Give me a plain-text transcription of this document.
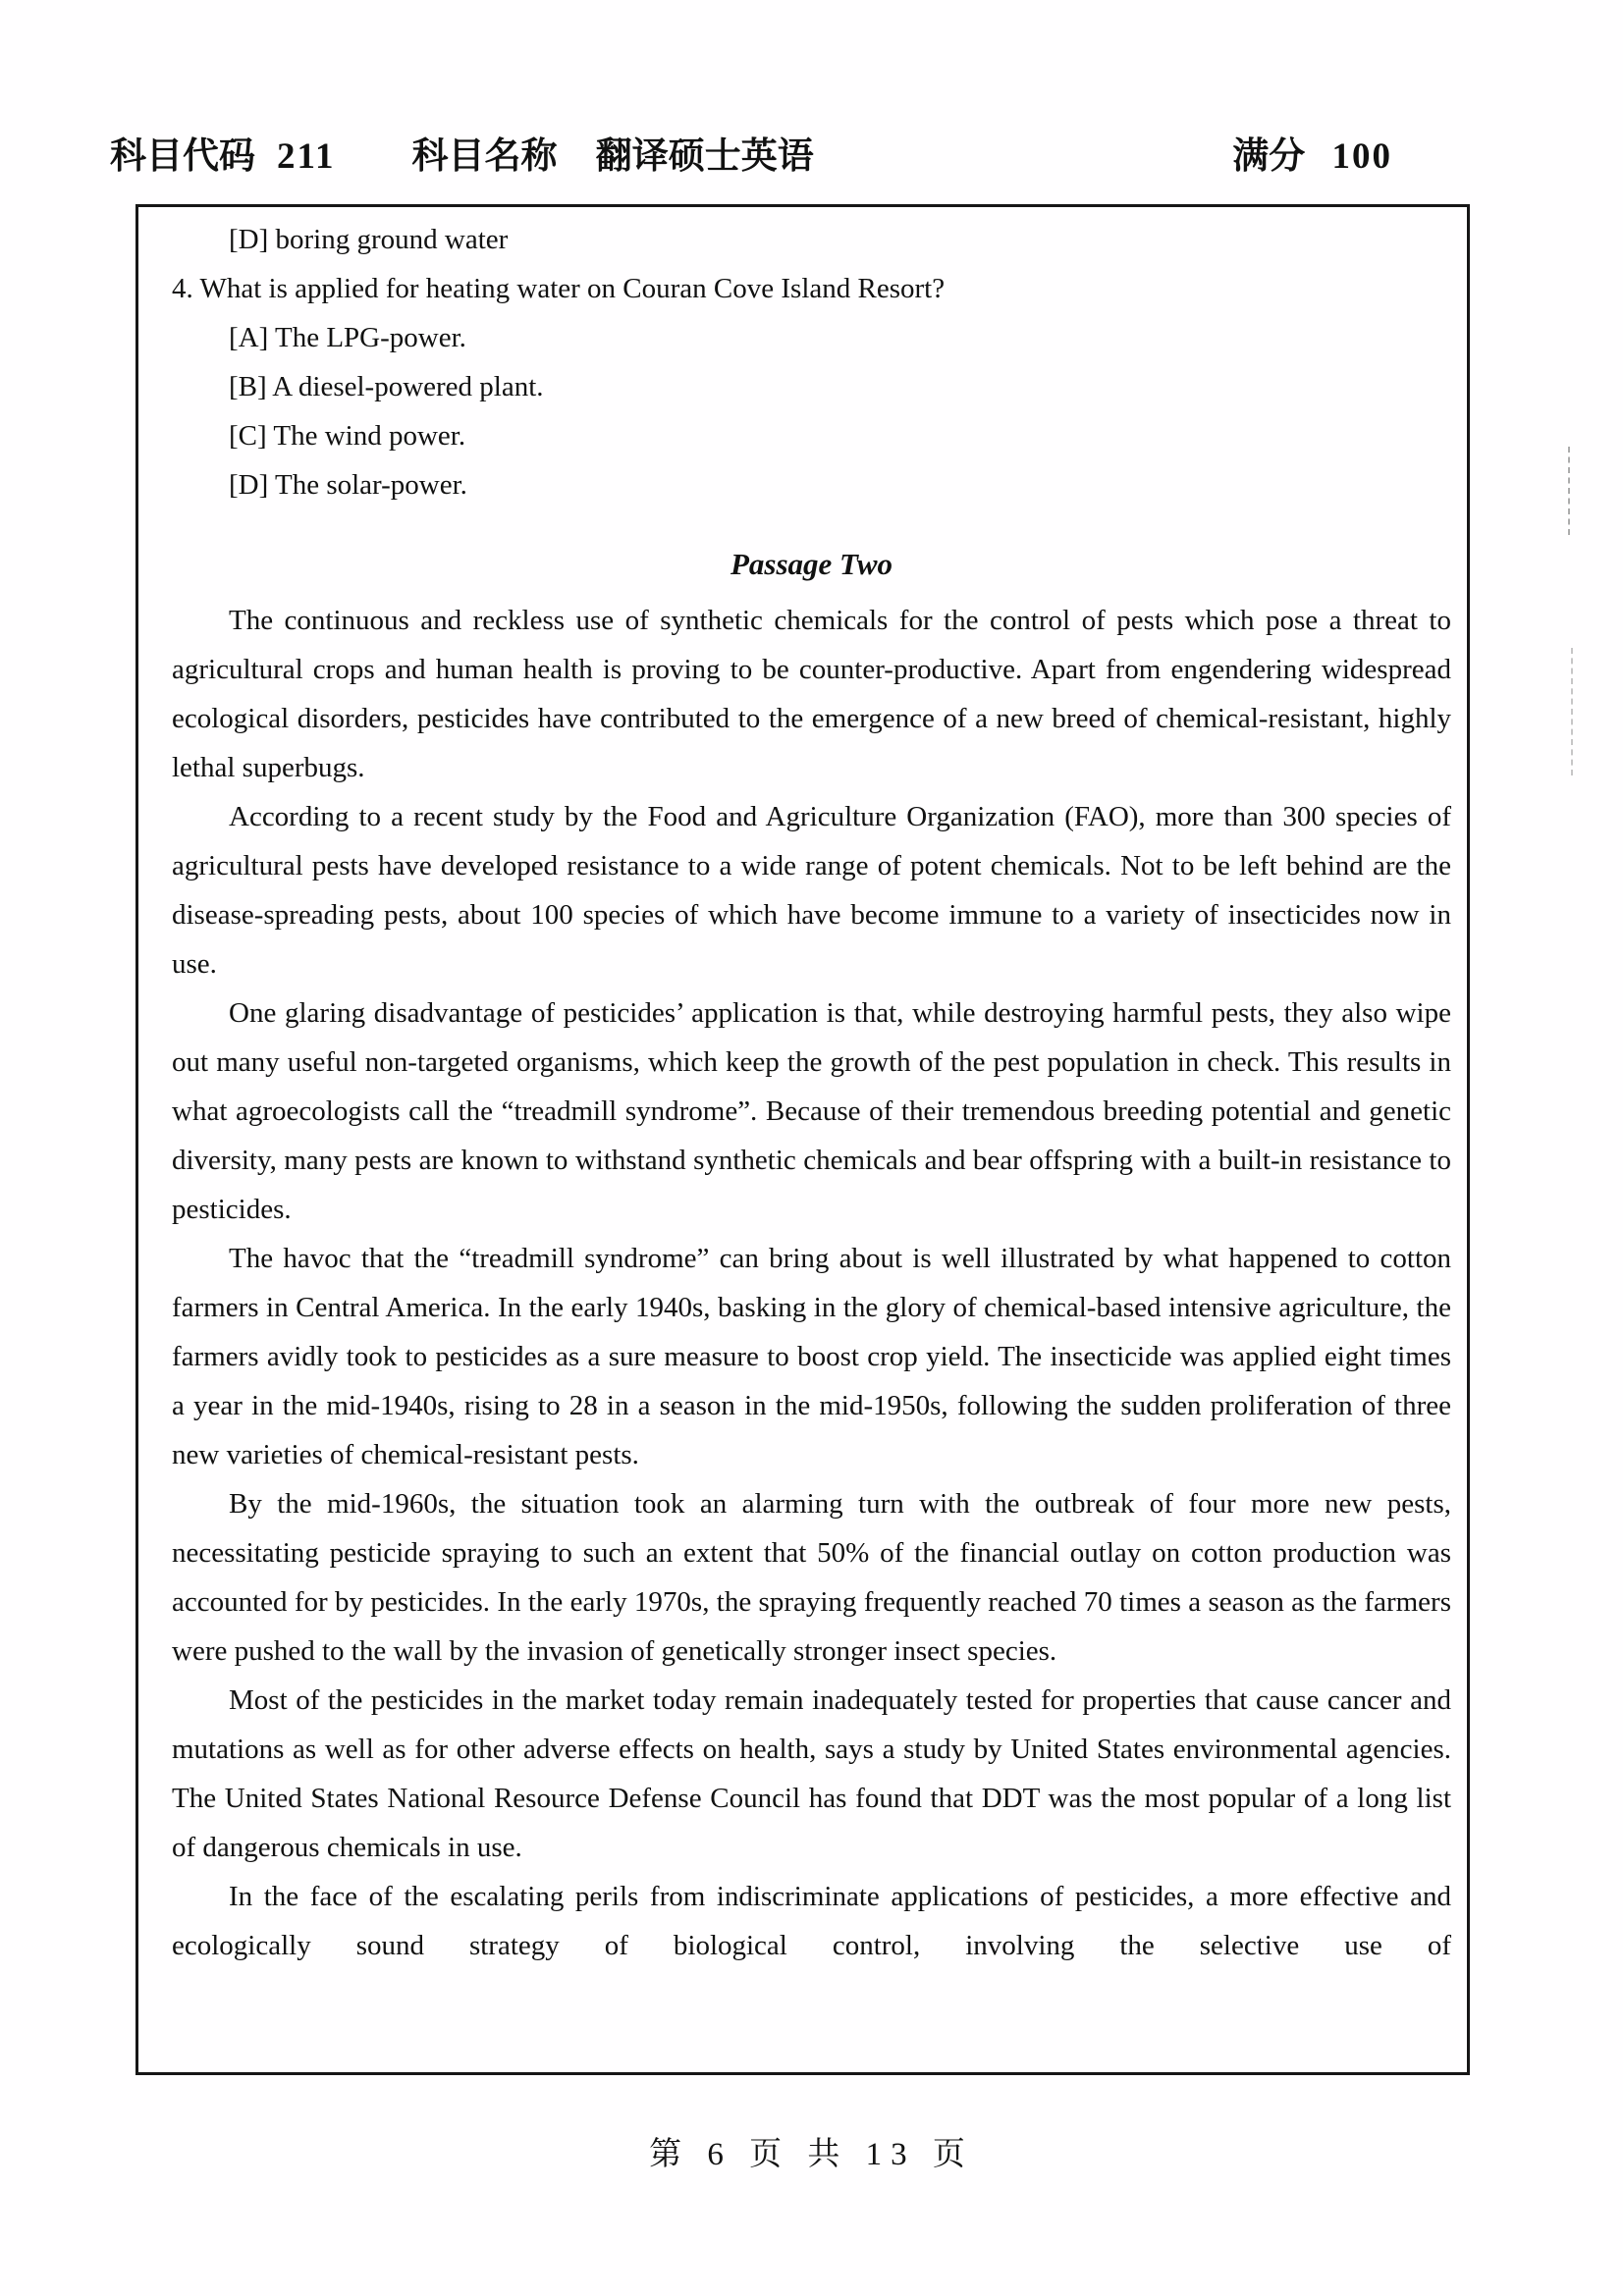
科目代码 211 科目名称 翻译硕士英语	满分 100
[D] boring ground water
4. What is applied for heating water on Couran Cove Island Resort?
[A] The LPG-power.
[B] A diesel-powered plant.
[C] The wind power.
[D] The solar-power.
Passage Two

The continuous and reckless use of synthetic chemicals for the control of pests which pose a threat to agricultural crops and human health is proving to be counter-productive. Apart from engendering widespread ecological disorders, pesticides have contributed to the emergence of a new breed of chemical-resistant, highly lethal superbugs.

According to a recent study by the Food and Agriculture Organization (FAO), more than 300 species of agricultural pests have developed resistance to a wide range of potent chemicals. Not to be left behind are the disease-spreading pests, about 100 species of which have become immune to a variety of insecticides now in use.

One glaring disadvantage of pesticides’ application is that, while destroying harmful pests, they also wipe out many useful non-targeted organisms, which keep the growth of the pest population in check. This results in what agroecologists call the “treadmill syndrome”. Because of their tremendous breeding potential and genetic diversity, many pests are known to withstand synthetic chemicals and bear offspring with a built-in resistance to pesticides.

The havoc that the “treadmill syndrome” can bring about is well illustrated by what happened to cotton farmers in Central America. In the early 1940s, basking in the glory of chemical-based intensive agriculture, the farmers avidly took to pesticides as a sure measure to boost crop yield. The insecticide was applied eight times a year in the mid-1940s, rising to 28 in a season in the mid-1950s, following the sudden proliferation of three new varieties of chemical-resistant pests.

By the mid-1960s, the situation took an alarming turn with the outbreak of four more new pests, necessitating pesticide spraying to such an extent that 50% of the financial outlay on cotton production was accounted for by pesticides. In the early 1970s, the spraying frequently reached 70 times a season as the farmers were pushed to the wall by the invasion of genetically stronger insect species.

Most of the pesticides in the market today remain inadequately tested for properties that cause cancer and mutations as well as for other adverse effects on health, says a study by United States environmental agencies. The United States National Resource Defense Council has found that DDT was the most popular of a long list of dangerous chemicals in use.

In the face of the escalating perils from indiscriminate applications of pesticides, a more effective and ecologically sound strategy of biological control, involving the selective use of

第 6 页 共 13 页
